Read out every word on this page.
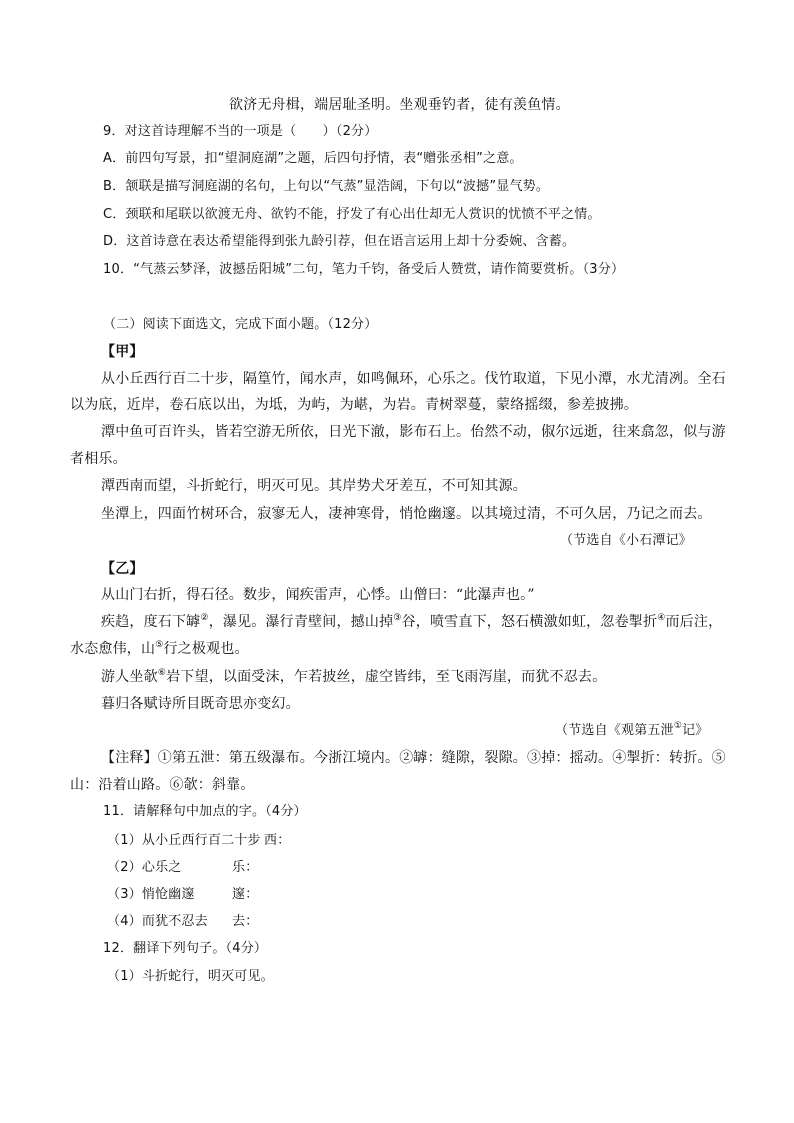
欲济无舟楫，端居耻圣明。坐观垂钓者，徒有羡鱼情。
9．对这首诗理解不当的一项是（　　）（2分）
A．前四句写景，扣“望洞庭湖”之题，后四句抒情，表“赠张丞相”之意。
B．颔联是描写洞庭湖的名句，上句以“气蒸”显浩阔，下句以“波撼”显气势。
C．颈联和尾联以欲渡无舟、欲钓不能，抒发了有心出仕却无人赏识的忧愤不平之情。
D．这首诗意在表达希望能得到张九龄引荐，但在语言运用上却十分委婉、含蓄。
10．“气蒸云梦泽，波撼岳阳城”二句，笔力千钧，备受后人赞赏，请作简要赏析。（3分）
（二）阅读下面选文，完成下面小题。（12分）
【甲】
从小丘西行百二十步，隔篁竹，闻水声，如鸣佩环，心乐之。伐竹取道，下见小潭，水尤清冽。全石
以为底，近岸，卷石底以出，为坻，为屿，为嵁，为岩。青树翠蔓，蒙络摇缀，参差披拂。
潭中鱼可百许头，皆若空游无所依，日光下澈，影布石上。佁然不动，俶尔远逝，往来翕忽，似与游
者相乐。
潭西南而望，斗折蛇行，明灭可见。其岸势犬牙差互，不可知其源。
坐潭上，四面竹树环合，寂寥无人，凄神寒骨，悄怆幽邃。以其境过清，不可久居，乃记之而去。
（节选自《小石潭记》
【乙】
从山门右折，得石径。数步，闻疾雷声，心悸。山僧曰：“此瀑声也。”
疾趋，度石下罅②，瀑见。瀑行青壁间，撼山掉③谷，喷雪直下，怒石横激如虹，忽卷掣折④而后注，
水态愈伟，山⑤行之极观也。
游人坐欹⑥岩下望，以面受沫，乍若披丝，虚空皆纬，至飞雨泻崖，而犹不忍去。
暮归各赋诗所目既奇思亦变幻。
（节选自《观第五泄①记》
【注释】①第五泄：第五级瀑布。今浙江境内。②罅：缝隙，裂隙。③掉：摇动。④掣折：转折。⑤
山：沿着山路。⑥欹：斜靠。
11．请解释句中加点的字。（4分）
（1）从小丘西行百二十步 西：
（2）心乐之	乐：
（3）悄怆幽邃	邃：
（4）而犹不忍去 去：
12．翻译下列句子。（4分）
（1）斗折蛇行，明灭可见。
